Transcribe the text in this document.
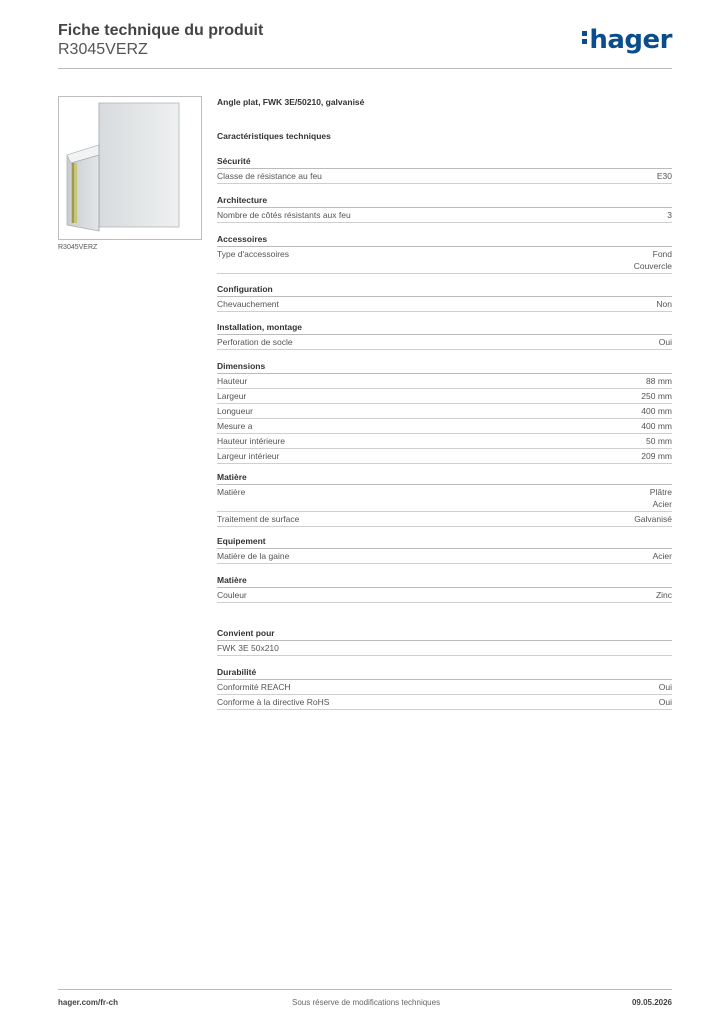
Fiche technique du produit
R3045VERZ	hager
R3045VERZ
Angle plat, FWK 3E/50210, galvanisé
Caractéristiques techniques
Sécurité
Classe de résistance au feu	E30
Architecture
Nombre de côtés résistants aux feu	3
Accessoires
Type d'accessoires	Fond
Couvercle
Configuration
Chevauchement	Non
Installation, montage
Perforation de socle	Oui
Dimensions
Hauteur	88 mm
Largeur	250 mm
Longueur	400 mm
Mesure a	400 mm
Hauteur intérieure	50 mm
Largeur intérieur	209 mm
Matière
Matière	Plâtre
Acier
Traitement de surface	Galvanisé
Equipement
Matière de la gaine	Acier
Matière
Couleur	Zinc
Convient pour
FWK 3E 50x210
Durabilité
Conformité REACH	Oui
Conforme à la directive RoHS	Oui
hager.com/fr-ch	Sous réserve de modifications techniques	09.05.2026
